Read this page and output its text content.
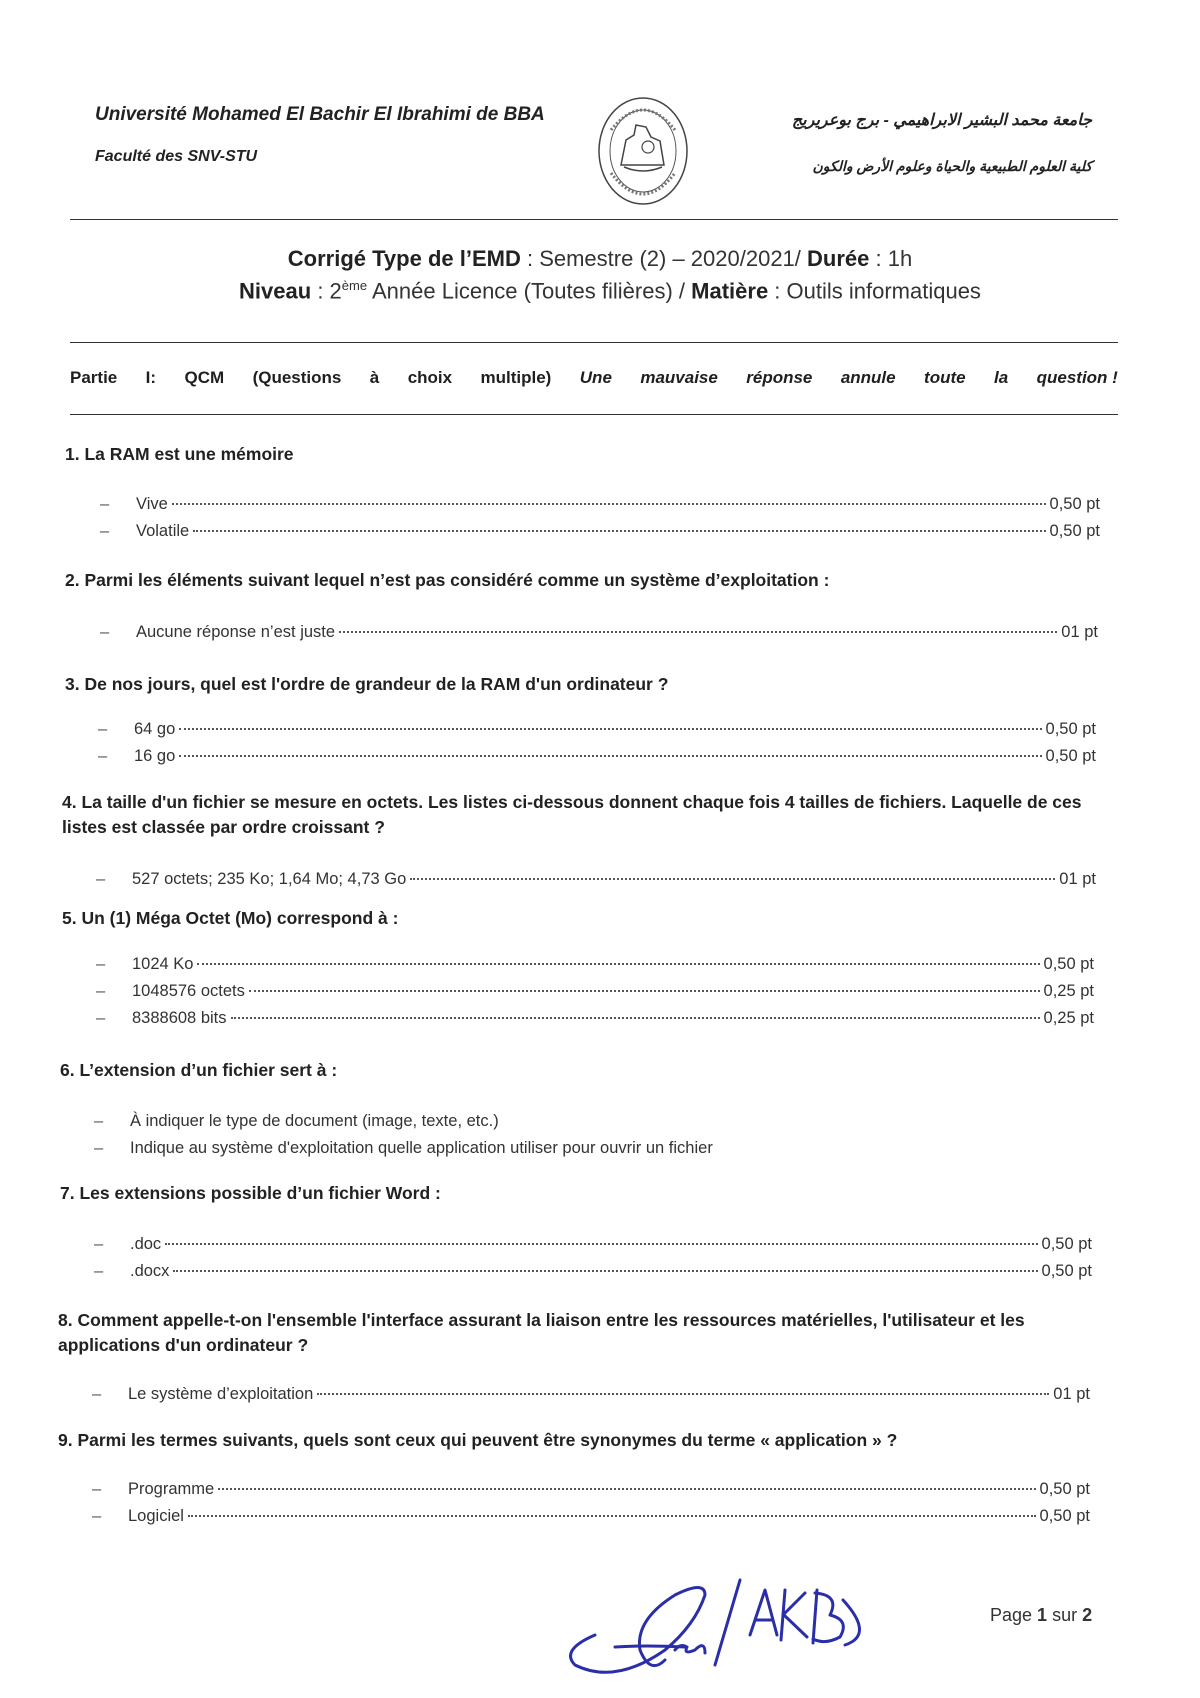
Université Mohamed El Bachir El Ibrahimi de BBA
Faculté des SNV-STU
جامعة محمد البشير الابراهيمي - برج بوعريريج
كلية العلوم الطبيعية والحياة وعلوم الأرض والكون
Corrigé Type de l’EMD : Semestre (2) – 2020/2021/ Durée : 1h
Niveau : 2ème Année Licence (Toutes filières) / Matière : Outils informatiques
Partie I: QCM (Questions à choix multiple) Une mauvaise réponse annule toute la question !
1. La RAM est une mémoire
–	Vive	0,50 pt
–	Volatile	0,50 pt
2. Parmi les éléments suivant lequel n’est pas considéré comme un système d’exploitation :
–	Aucune réponse n’est juste	01 pt
3. De nos jours, quel est l'ordre de grandeur de la RAM d'un ordinateur ?
–	64 go	0,50 pt
–	16 go	0,50 pt
4. La taille d'un fichier se mesure en octets. Les listes ci-dessous donnent chaque fois 4 tailles de fichiers. Laquelle de ces listes est classée par ordre croissant ?
–	527 octets; 235 Ko; 1,64 Mo; 4,73 Go	01 pt
5. Un (1) Méga Octet (Mo) correspond à :
–	1024 Ko	0,50 pt
–	1048576 octets	0,25 pt
–	8388608 bits	0,25 pt
6. L’extension d’un fichier sert à :
–	À indiquer le type de document (image, texte, etc.)
–	Indique au système d'exploitation quelle application utiliser pour ouvrir un fichier
7. Les extensions possible d’un fichier Word :
–	.doc	0,50 pt
–	.docx	0,50 pt
8. Comment appelle-t-on l'ensemble l'interface assurant la liaison entre les ressources matérielles, l'utilisateur et les applications d'un ordinateur ?
–	Le système d’exploitation	01 pt
9. Parmi les termes suivants, quels sont ceux qui peuvent être synonymes du terme « application » ?
–	Programme	0,50 pt
–	Logiciel	0,50 pt
Page 1 sur 2
